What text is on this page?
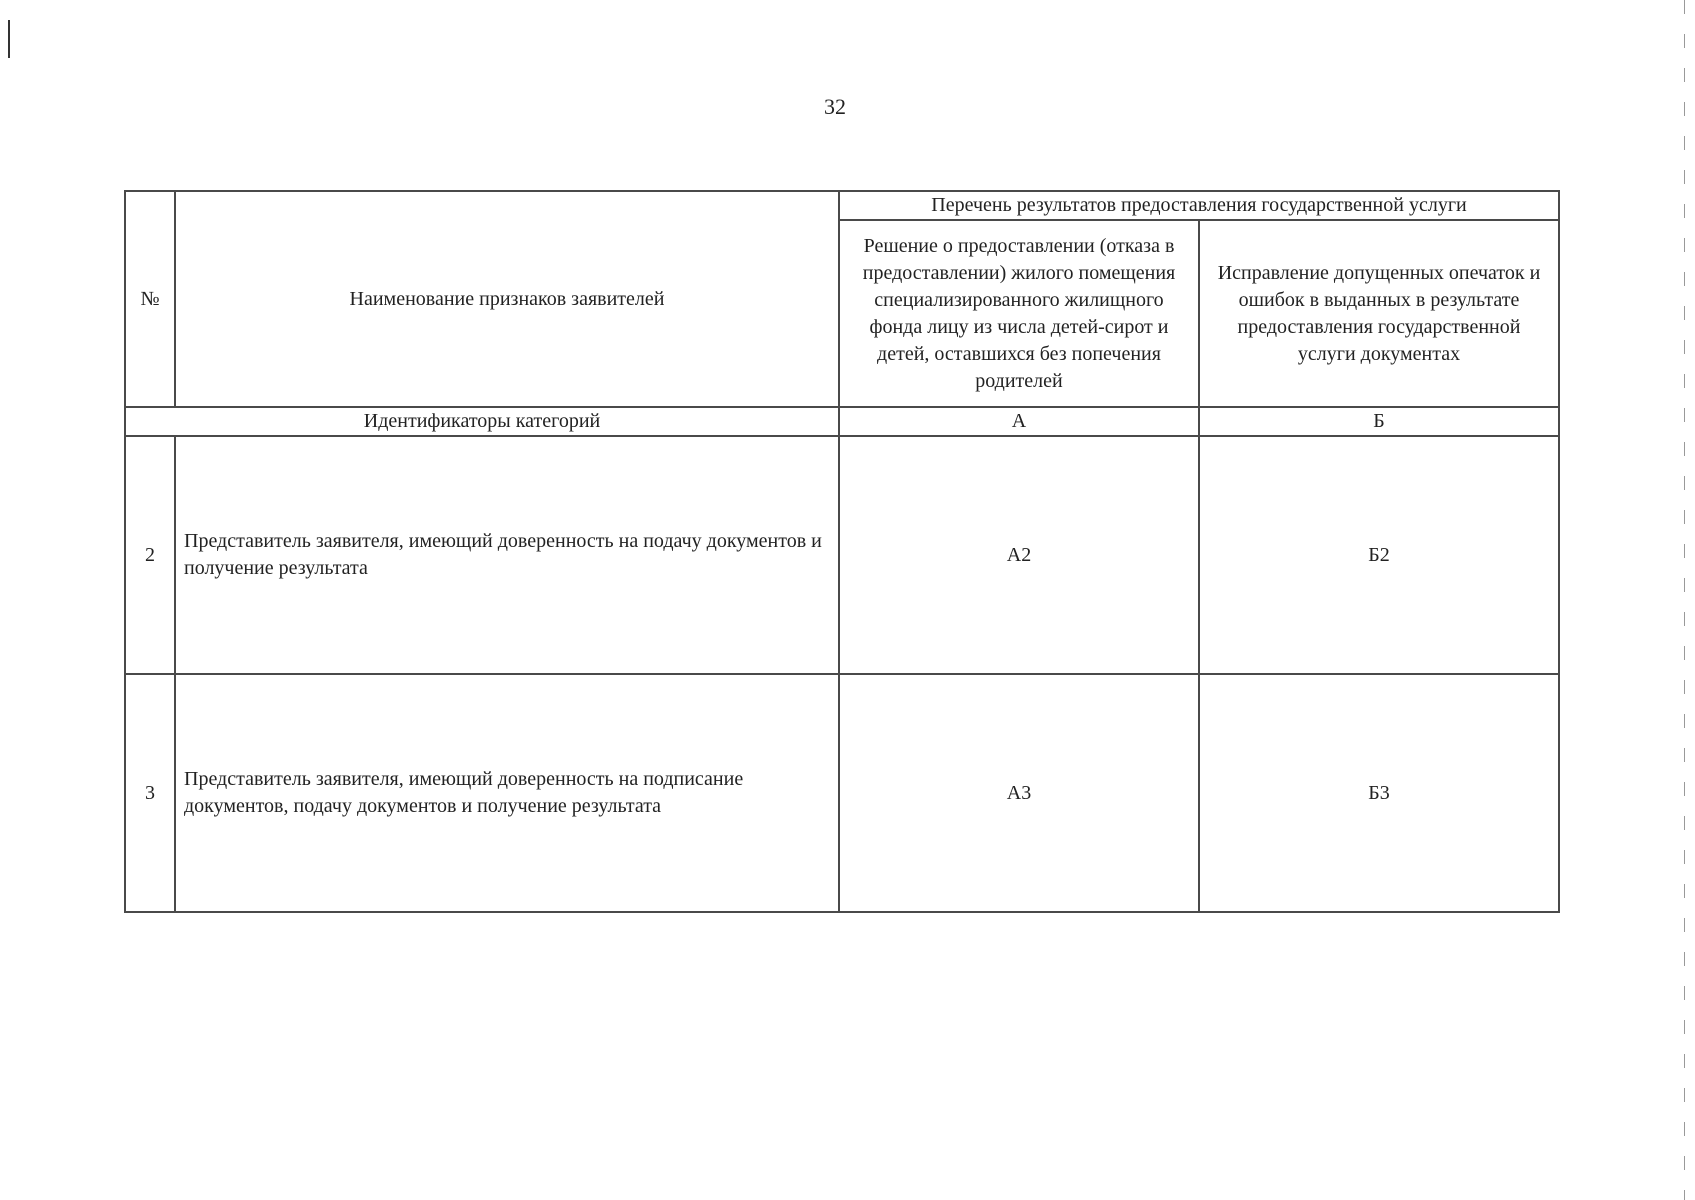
32
№	Наименование признаков заявителей	Перечень результатов предоставления государственной услуги	
		Решение о предоставлении (отказа в предоставлении) жилого помещения специализированного жилищного фонда лицу из числа детей-сирот и детей, оставшихся без попечения родителей	Исправление допущенных опечаток и ошибок в выданных в результате предоставления государственной услуги документах
Идентификаторы категорий		А	Б
2	Представитель заявителя, имеющий доверенность на подачу документов и получение результата	А2	Б2
3	Представитель заявителя, имеющий доверенность на подписание документов, подачу документов и получение результата	А3	Б3
